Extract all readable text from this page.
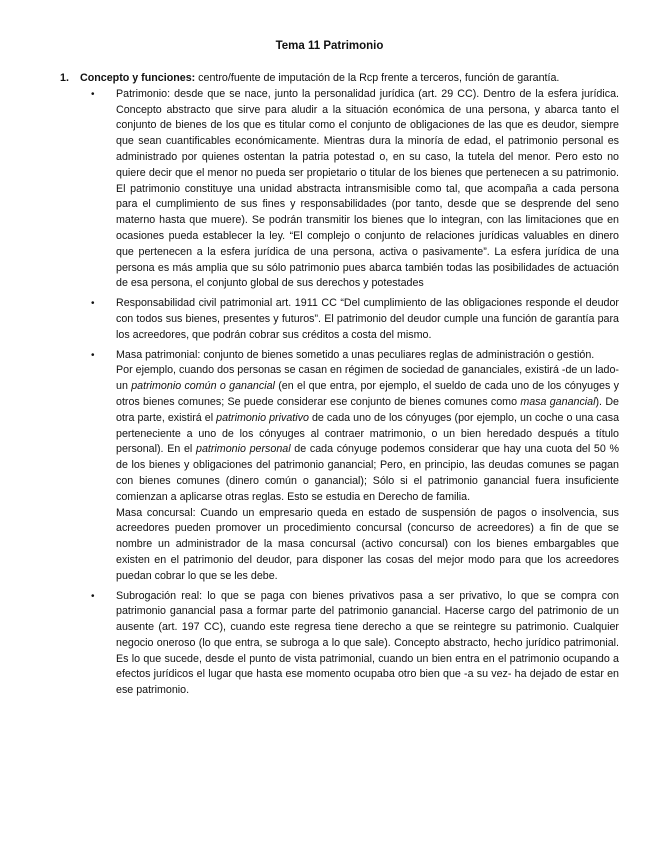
Tema 11 Patrimonio
1.	Concepto y funciones: centro/fuente de imputación de la Rcp frente a terceros, función de garantía.
• Patrimonio: desde que se nace, junto la personalidad jurídica (art. 29 CC). Dentro de la esfera jurídica. Concepto abstracto que sirve para aludir a la situación económica de una persona, y abarca tanto el conjunto de bienes de los que es titular como el conjunto de obligaciones de las que es deudor, siempre que sean cuantificables económicamente. Mientras dura la minoría de edad, el patrimonio personal es administrado por quienes ostentan la patria potestad o, en su caso, la tutela del menor. Pero esto no quiere decir que el menor no pueda ser propietario o titular de los bienes que pertenecen a su patrimonio. El patrimonio constituye una unidad abstracta intransmisible como tal, que acompaña a cada persona para el cumplimiento de sus fines y responsabilidades (por tanto, desde que se desprende del seno materno hasta que muere). Se podrán transmitir los bienes que lo integran, con las limitaciones que en ocasiones pueda establecer la ley. “El complejo o conjunto de relaciones jurídicas valuables en dinero que pertenecen a la esfera jurídica de una persona, activa o pasivamente”. La esfera jurídica de una persona es más amplia que su sólo patrimonio pues abarca también todas las posibilidades de actuación de esa persona, el conjunto global de sus derechos y potestades

• Responsabilidad civil patrimonial art. 1911 CC “Del cumplimiento de las obligaciones responde el deudor con todos sus bienes, presentes y futuros”. El patrimonio del deudor cumple una función de garantía para los acreedores, que podrán cobrar sus créditos a costa del mismo.

• Masa patrimonial: conjunto de bienes sometido a unas peculiares reglas de administración o gestión.

Por ejemplo, cuando dos personas se casan en régimen de sociedad de gananciales, existirá -de un lado- un patrimonio común o ganancial (en el que entra, por ejemplo, el sueldo de cada uno de los cónyuges y otros bienes comunes; Se puede considerar ese conjunto de bienes comunes como masa ganancial). De otra parte, existirá el patrimonio privativo de cada uno de los cónyuges (por ejemplo, un coche o una casa perteneciente a uno de los cónyuges al contraer matrimonio, o un bien heredado después a título personal). En el patrimonio personal de cada cónyuge podemos considerar que hay una cuota del 50 % de los bienes y obligaciones del patrimonio ganancial; Pero, en principio, las deudas comunes se pagan con bienes comunes (dinero común o ganancial); Sólo si el patrimonio ganancial fuera insuficiente comienzan a aplicarse otras reglas. Esto se estudia en Derecho de familia.

Masa concursal: Cuando un empresario queda en estado de suspensión de pagos o insolvencia, sus acreedores pueden promover un procedimiento concursal (concurso de acreedores) a fin de que se nombre un administrador de la masa concursal (activo concursal) con los bienes embargables que existen en el patrimonio del deudor, para disponer las cosas del mejor modo para que los acreedores puedan cobrar lo que se les debe.

• Subrogación real: lo que se paga con bienes privativos pasa a ser privativo, lo que se compra con patrimonio ganancial pasa a formar parte del patrimonio ganancial. Hacerse cargo del patrimonio de un ausente (art. 197 CC), cuando este regresa tiene derecho a que se reintegre su patrimonio. Cualquier negocio oneroso (lo que entra, se subroga a lo que sale). Concepto abstracto, hecho jurídico patrimonial. Es lo que sucede, desde el punto de vista patrimonial, cuando un bien entra en el patrimonio ocupando a efectos jurídicos el lugar que hasta ese momento ocupaba otro bien que -a su vez- ha dejado de estar en ese patrimonio.
